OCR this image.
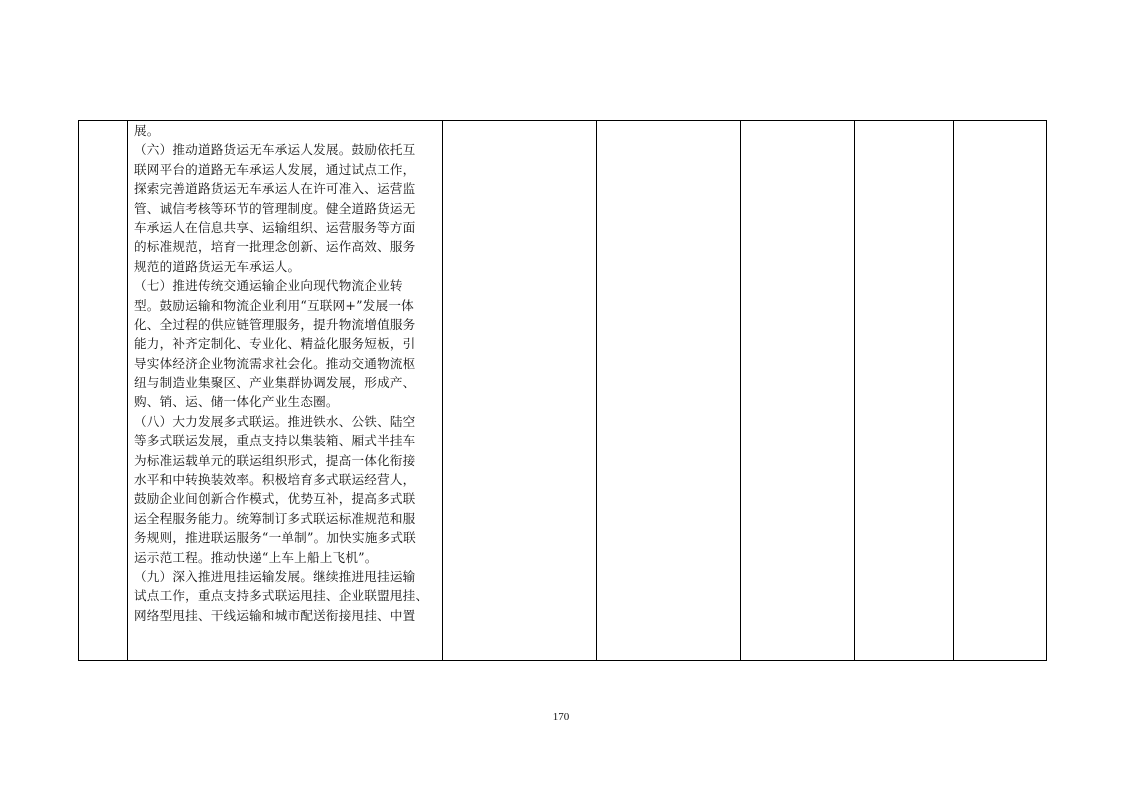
展。
（六）推动道路货运无车承运人发展。鼓励依托互
联网平台的道路无车承运人发展，通过试点工作，
探索完善道路货运无车承运人在许可准入、运营监
管、诚信考核等环节的管理制度。健全道路货运无
车承运人在信息共享、运输组织、运营服务等方面
的标准规范，培育一批理念创新、运作高效、服务
规范的道路货运无车承运人。
（七）推进传统交通运输企业向现代物流企业转
型。鼓励运输和物流企业利用“互联网+”发展一体
化、全过程的供应链管理服务，提升物流增值服务
能力，补齐定制化、专业化、精益化服务短板，引
导实体经济企业物流需求社会化。推动交通物流枢
纽与制造业集聚区、产业集群协调发展，形成产、
购、销、运、储一体化产业生态圈。
（八）大力发展多式联运。推进铁水、公铁、陆空
等多式联运发展，重点支持以集装箱、厢式半挂车
为标准运载单元的联运组织形式，提高一体化衔接
水平和中转换装效率。积极培育多式联运经营人，
鼓励企业间创新合作模式，优势互补，提高多式联
运全程服务能力。统筹制订多式联运标准规范和服
务规则，推进联运服务“一单制”。加快实施多式联
运示范工程。推动快递“上车上船上飞机”。
（九）深入推进甩挂运输发展。继续推进甩挂运输
试点工作，重点支持多式联运甩挂、企业联盟甩挂、
网络型甩挂、干线运输和城市配送衔接甩挂、中置

170
